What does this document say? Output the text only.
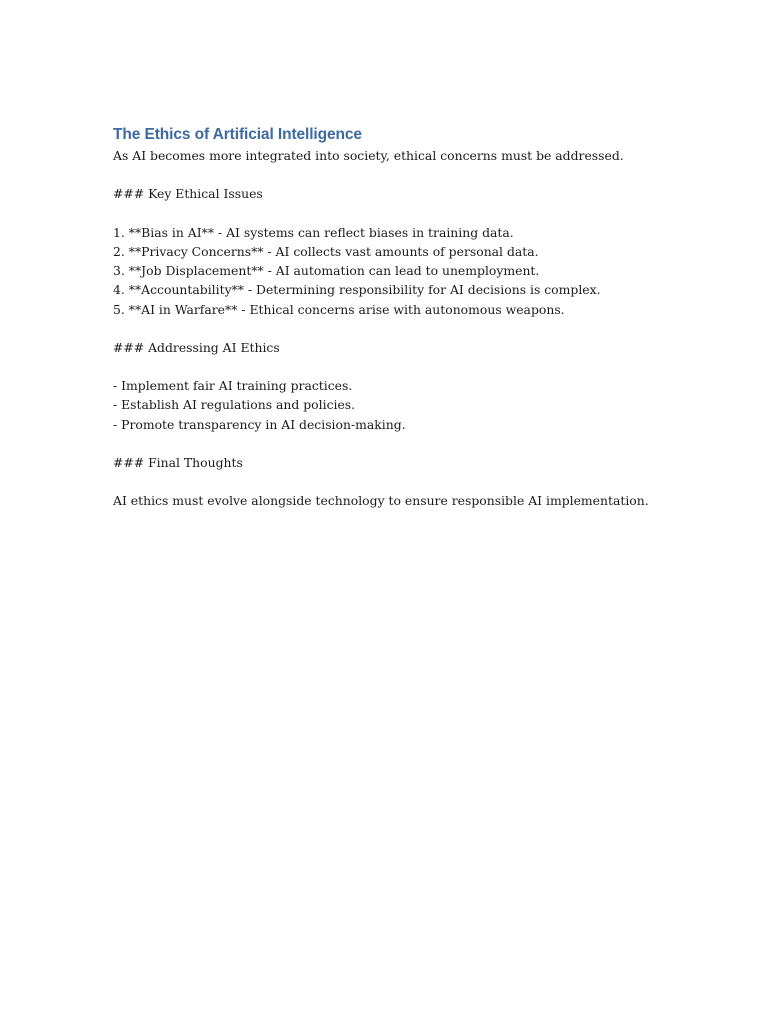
The Ethics of Artificial Intelligence

As AI becomes more integrated into society, ethical concerns must be addressed.

### Key Ethical Issues

1. **Bias in AI** - AI systems can reflect biases in training data.

2. **Privacy Concerns** - AI collects vast amounts of personal data.

3. **Job Displacement** - AI automation can lead to unemployment.

4. **Accountability** - Determining responsibility for AI decisions is complex.

5. **AI in Warfare** - Ethical concerns arise with autonomous weapons.

### Addressing AI Ethics

- Implement fair AI training practices.

- Establish AI regulations and policies.

- Promote transparency in AI decision-making.

### Final Thoughts

AI ethics must evolve alongside technology to ensure responsible AI implementation.
